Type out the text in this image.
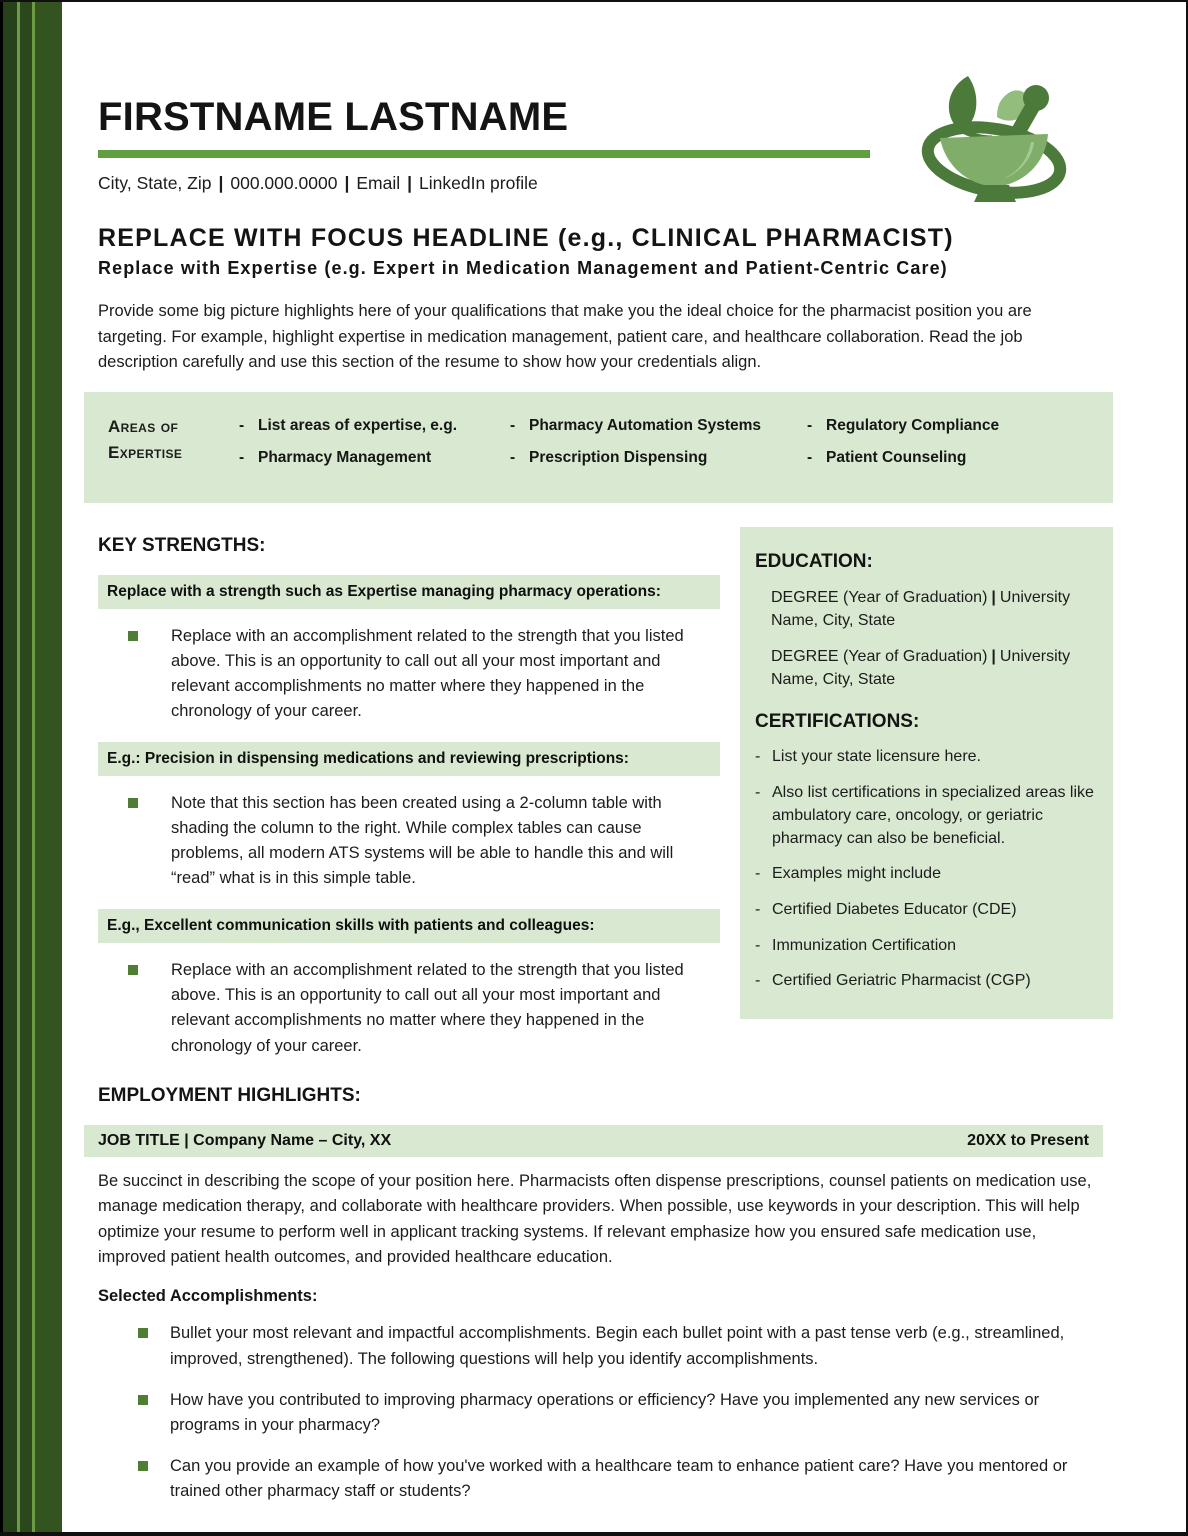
FIRSTNAME LASTNAME
City, State, Zip | 000.000.0000 | Email | LinkedIn profile
REPLACE WITH FOCUS HEADLINE (e.g., CLINICAL PHARMACIST)
Replace with Expertise (e.g. Expert in Medication Management and Patient-Centric Care)

Provide some big picture highlights here of your qualifications that make you the ideal choice for the pharmacist position you are targeting. For example, highlight expertise in medication management, patient care, and healthcare collaboration. Read the job description carefully and use this section of the resume to show how your credentials align.

Areas of Expertise
- List areas of expertise, e.g.
- Pharmacy Management
- Pharmacy Automation Systems
- Prescription Dispensing
- Regulatory Compliance
- Patient Counseling
KEY STRENGTHS:
Replace with a strength such as Expertise managing pharmacy operations:
Replace with an accomplishment related to the strength that you listed above. This is an opportunity to call out all your most important and relevant accomplishments no matter where they happened in the chronology of your career.
E.g.: Precision in dispensing medications and reviewing prescriptions:
Note that this section has been created using a 2-column table with shading the column to the right. While complex tables can cause problems, all modern ATS systems will be able to handle this and will “read” what is in this simple table.
E.g., Excellent communication skills with patients and colleagues:
Replace with an accomplishment related to the strength that you listed above. This is an opportunity to call out all your most important and relevant accomplishments no matter where they happened in the chronology of your career.
EDUCATION:
DEGREE (Year of Graduation) | University Name, City, State
DEGREE (Year of Graduation) | University Name, City, State
CERTIFICATIONS:
- List your state licensure here.
- Also list certifications in specialized areas like ambulatory care, oncology, or geriatric pharmacy can also be beneficial.
- Examples might include
- Certified Diabetes Educator (CDE)
- Immunization Certification
- Certified Geriatric Pharmacist (CGP)
EMPLOYMENT HIGHLIGHTS:
JOB TITLE | Company Name – City, XX	20XX to Present

Be succinct in describing the scope of your position here. Pharmacists often dispense prescriptions, counsel patients on medication use, manage medication therapy, and collaborate with healthcare providers. When possible, use keywords in your description. This will help optimize your resume to perform well in applicant tracking systems. If relevant emphasize how you ensured safe medication use, improved patient health outcomes, and provided healthcare education.

Selected Accomplishments:
Bullet your most relevant and impactful accomplishments. Begin each bullet point with a past tense verb (e.g., streamlined, improved, strengthened). The following questions will help you identify accomplishments.
How have you contributed to improving pharmacy operations or efficiency? Have you implemented any new services or programs in your pharmacy?
Can you provide an example of how you've worked with a healthcare team to enhance patient care? Have you mentored or trained other pharmacy staff or students?
